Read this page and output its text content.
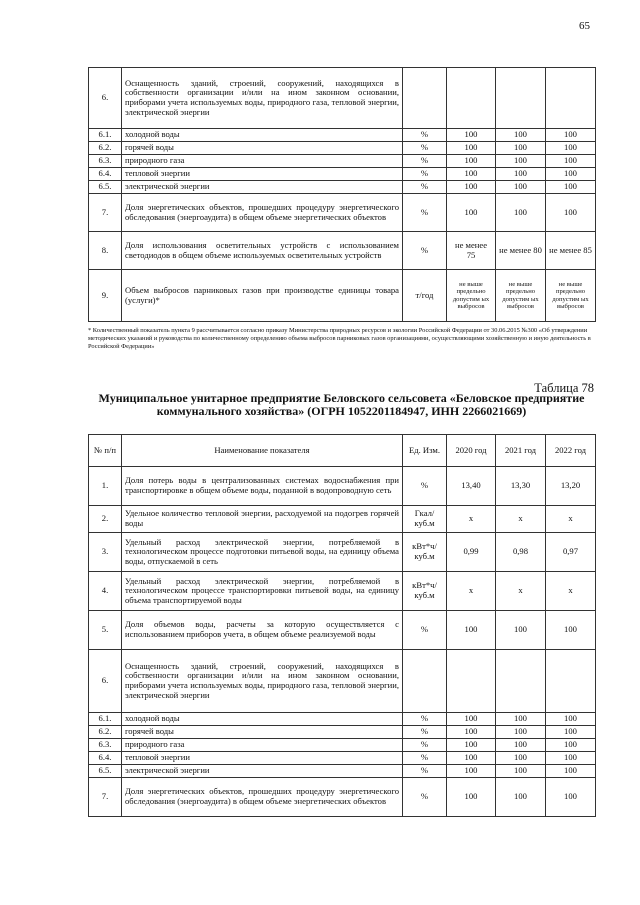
65
6.	Оснащенность зданий, строений, сооружений, находящихся в собственности организации и/или на ином законном основании, приборами учета используемых воды, природного газа, тепловой энергии, электрической энергии				
6.1.	холодной воды	%	100	100	100
6.2.	горячей воды	%	100	100	100
6.3.	природного газа	%	100	100	100
6.4.	тепловой энергии	%	100	100	100
6.5.	электрической энергии	%	100	100	100
7.	Доля энергетических объектов, прошедших процедуру энергетического обследования (энергоаудита) в общем объеме энергетических объектов	%	100	100	100
8.	Доля использования осветительных устройств с использованием светодиодов в общем объеме используемых осветительных устройств	%	не менее 75	не менее 80	не менее 85
9.	Объем выбросов парниковых газов при производстве единицы товара (услуги)*	т/год	не выше предельно допустим ых выбросов	не выше предельно допустим ых выбросов	не выше предельно допустим ых выбросов
* Количественный показатель пункта 9 рассчитывается согласно приказу Министерства природных ресурсов и экологии Российской Федерации от 30.06.2015 №300 «Об утверждении методических указаний и руководства по количественному определению объема выбросов парниковых газов организациями, осуществляющими хозяйственную и иную деятельность в Российской Федерации»
Таблица 78
Муниципальное унитарное предприятие Беловского сельсовета «Беловское предприятие коммунального хозяйства» (ОГРН 1052201184947, ИНН 2266021669)
№ п/п	Наименование показателя	Ед. Изм.	2020 год	2021 год	2022 год
1.	Доля потерь воды в централизованных системах водоснабжения при транспортировке в общем объеме воды, поданной в водопроводную сеть	%	13,40	13,30	13,20
2.	Удельное количество тепловой энергии, расходуемой на подогрев горячей воды	Гкал/ куб.м	х	х	х
3.	Удельный расход электрической энергии, потребляемой в технологическом процессе подготовки питьевой воды, на единицу объема воды, отпускаемой в сеть	кВт*ч/ куб.м	0,99	0,98	0,97
4.	Удельный расход электрической энергии, потребляемой в технологическом процессе транспортировки питьевой воды, на единицу объема транспортируемой воды	кВт*ч/ куб.м	х	х	х
5.	Доля объемов воды, расчеты за которую осуществляется с использованием приборов учета, в общем объеме реализуемой воды	%	100	100	100
6.	Оснащенность зданий, строений, сооружений, находящихся в собственности организации и/или на ином законном основании, приборами учета используемых воды, природного газа, тепловой энергии, электрической энергии				
6.1.	холодной воды	%	100	100	100
6.2.	горячей воды	%	100	100	100
6.3.	природного газа	%	100	100	100
6.4.	тепловой энергии	%	100	100	100
6.5.	электрической энергии	%	100	100	100
7.	Доля энергетических объектов, прошедших процедуру энергетического обследования (энергоаудита) в общем объеме энергетических объектов	%	100	100	100
